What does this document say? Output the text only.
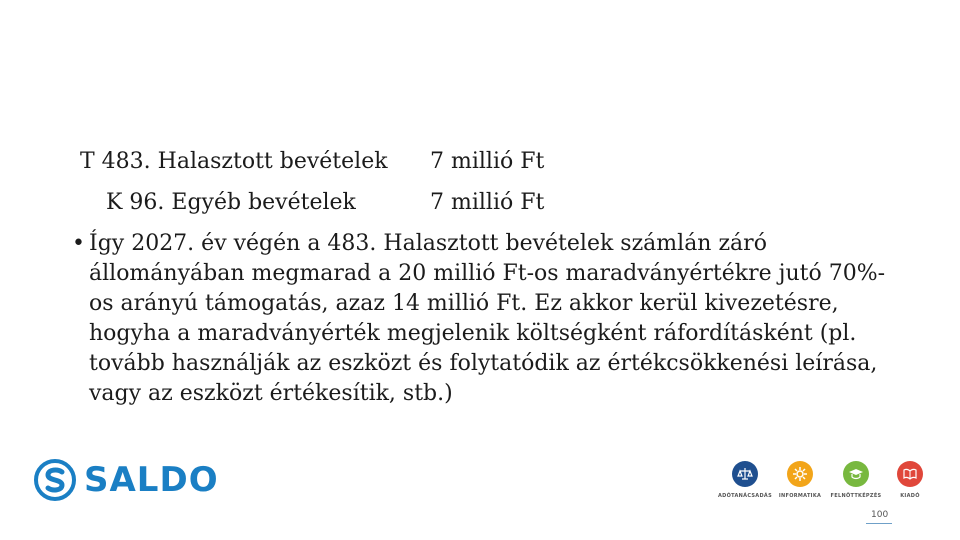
T 483. Halasztott bevételek 7 millió Ft
K 96. Egyéb bevételek	7 millió Ft
• Így 2027. év végén a 483. Halasztott bevételek számlán záró állományában megmarad a 20 millió Ft-os maradványértékre jutó 70%-os arányú támogatás, azaz 14 millió Ft. Ez akkor kerül kivezetésre, hogyha a maradványérték megjelenik költségként ráfordításként (pl. tovább használják az eszközt és folytatódik az értékcsökkenési leírása, vagy az eszközt értékesítik, stb.)
SALDO	ADÓTANÁCSADÁS	INFORMATIKA	FELNŐTTKÉPZÉS	KIADÓ
100
